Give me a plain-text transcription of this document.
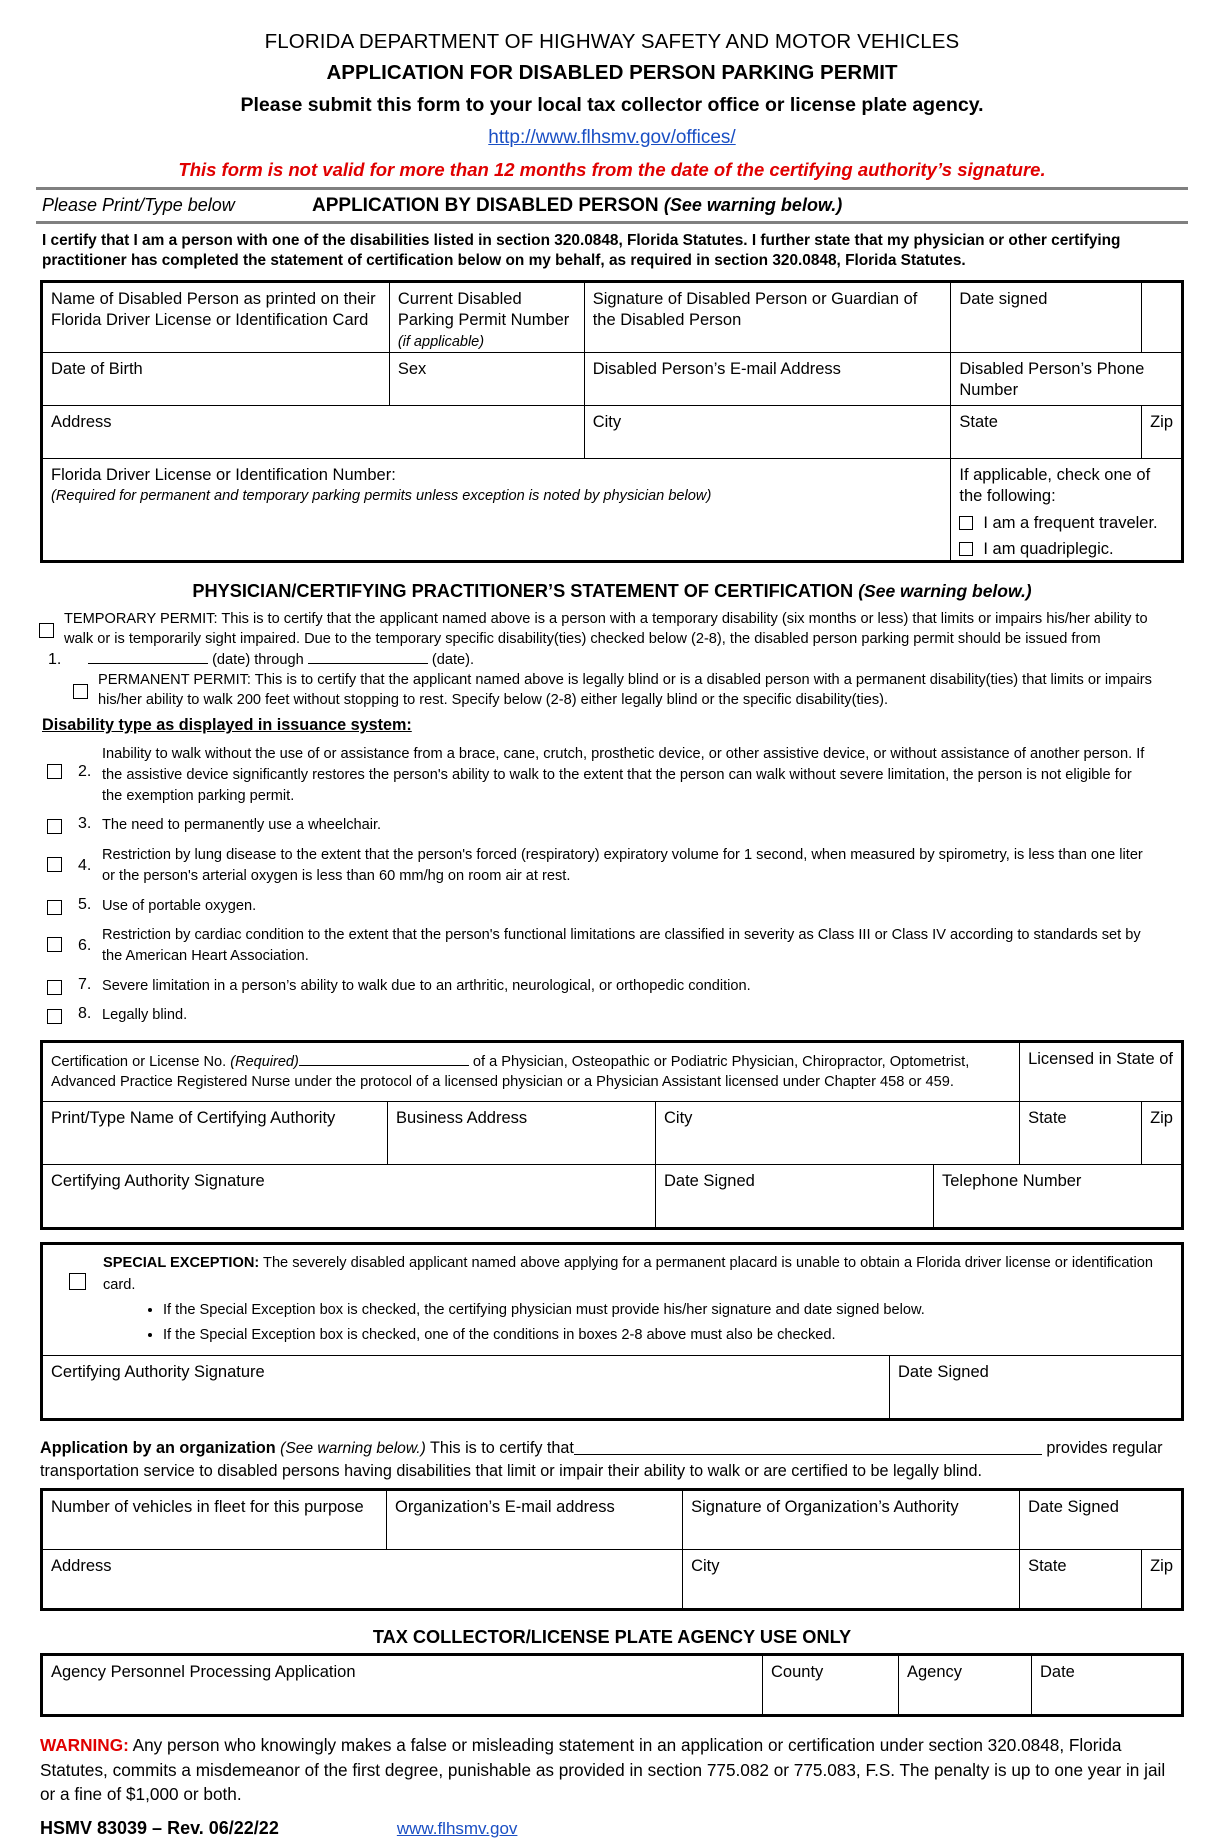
FLORIDA DEPARTMENT OF HIGHWAY SAFETY AND MOTOR VEHICLES
APPLICATION FOR DISABLED PERSON PARKING PERMIT
Please submit this form to your local tax collector office or license plate agency.
http://www.flhsmv.gov/offices/
This form is not valid for more than 12 months from the date of the certifying authority’s signature.
Please Print/Type below	APPLICATION BY DISABLED PERSON (See warning below.)
I certify that I am a person with one of the disabilities listed in section 320.0848, Florida Statutes. I further state that my physician or other certifying practitioner has completed the statement of certification below on my behalf, as required in section 320.0848, Florida Statutes.
Name of Disabled Person as printed on their Florida Driver License or Identification Card	Current Disabled Parking Permit Number (if applicable)	Signature of Disabled Person or Guardian of the Disabled Person	Date signed	
Date of Birth	Sex	Disabled Person’s E-mail Address	Disabled Person’s Phone Number	
Address		City	State	Zip
Florida Driver License or Identification Number:
(Required for permanent and temporary parking permits unless exception is noted by physician below)
	If applicable, check one of the following:
I am a frequent traveler.
I am quadriplegic.
PHYSICIAN/CERTIFYING PRACTITIONER’S STATEMENT OF CERTIFICATION (See warning below.)
1.
TEMPORARY PERMIT: This is to certify that the applicant named above is a person with a temporary disability (six months or less) that limits or impairs his/her ability to walk or is temporarily sight impaired. Due to the temporary specific disability(ties) checked below (2-8), the disabled person parking permit should be issued from
(date) through	(date).
PERMANENT PERMIT: This is to certify that the applicant named above is legally blind or is a disabled person with a permanent disability(ties) that limits or impairs his/her ability to walk 200 feet without stopping to rest. Specify below (2-8) either legally blind or the specific disability(ties).
Disability type as displayed in issuance system:
2.
Inability to walk without the use of or assistance from a brace, cane, crutch, prosthetic device, or other assistive device, or without assistance of another person. If the assistive device significantly restores the person's ability to walk to the extent that the person can walk without severe limitation, the person is not eligible for the exemption parking permit.
3. The need to permanently use a wheelchair.
4.
Restriction by lung disease to the extent that the person's forced (respiratory) expiratory volume for 1 second, when measured by spirometry, is less than one liter or the person's arterial oxygen is less than 60 mm/hg on room air at rest.
5. Use of portable oxygen.
6.
Restriction by cardiac condition to the extent that the person's functional limitations are classified in severity as Class III or Class IV according to standards set by the American Heart Association.
7. Severe limitation in a person’s ability to walk due to an arthritic, neurological, or orthopedic condition.
8. Legally blind.
Certification or License No. (Required) of a Physician, Osteopathic or Podiatric Physician, Chiropractor, Optometrist, Advanced Practice Registered Nurse under the protocol of a licensed physician or a Physician Assistant licensed under Chapter 458 or 459.				Licensed in State of	
Print/Type Name of Certifying Authority	Business Address	City		State	Zip
Certifying Authority Signature		Date Signed	Telephone Number		
SPECIAL EXCEPTION: The severely disabled applicant named above applying for a permanent placard is unable to obtain a Florida driver license or identification card.
• If the Special Exception box is checked, the certifying physician must provide his/her signature and date signed below.
• If the Special Exception box is checked, one of the conditions in boxes 2-8 above must also be checked.

Certifying Authority Signature	Date Signed
Application by an organization (See warning below.) This is to certify that	provides regular transportation service to disabled persons having disabilities that limit or impair their ability to walk or are certified to be legally blind.
Number of vehicles in fleet for this purpose	Organization’s E-mail address	Signature of Organization’s Authority	Date Signed	
Address		City	State	Zip
TAX COLLECTOR/LICENSE PLATE AGENCY USE ONLY
Agency Personnel Processing Application	County	Agency	Date
WARNING: Any person who knowingly makes a false or misleading statement in an application or certification under section 320.0848, Florida Statutes, commits a misdemeanor of the first degree, punishable as provided in section 775.082 or 775.083, F.S. The penalty is up to one year in jail or a fine of $1,000 or both.
HSMV 83039 – Rev. 06/22/22	www.flhsmv.gov
